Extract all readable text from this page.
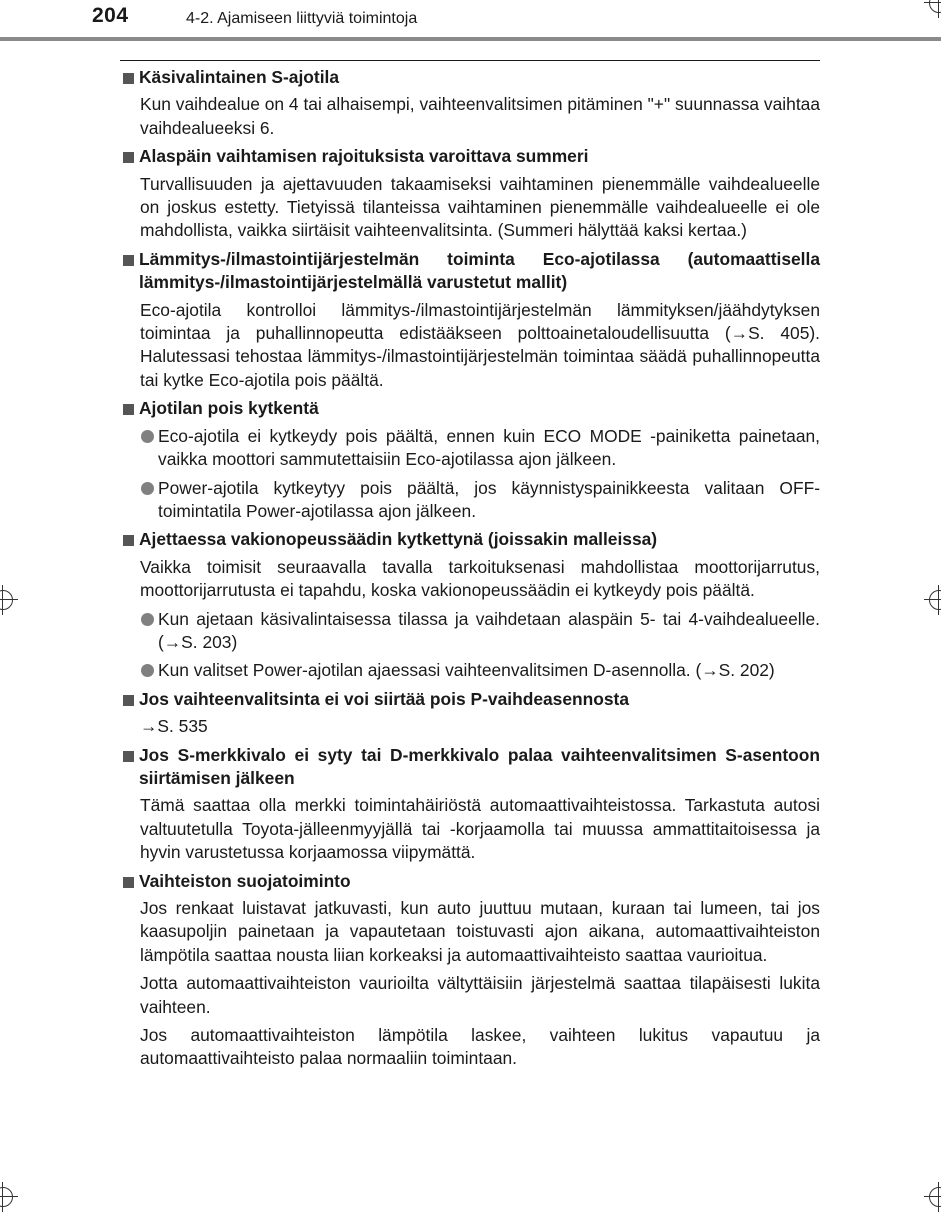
204	4-2. Ajamiseen liittyviä toimintoja
Käsivalintainen S-ajotila
Kun vaihdealue on 4 tai alhaisempi, vaihteenvalitsimen pitäminen "+" suunnassa vaihtaa vaihdealueeksi 6.
Alaspäin vaihtamisen rajoituksista varoittava summeri
Turvallisuuden ja ajettavuuden takaamiseksi vaihtaminen pienemmälle vaihdealueelle on joskus estetty. Tietyissä tilanteissa vaihtaminen pienemmälle vaihdealueelle ei ole mahdollista, vaikka siirtäisit vaihteenvalitsinta. (Summeri hälyttää kaksi kertaa.)
Lämmitys-/ilmastointijärjestelmän toiminta Eco-ajotilassa (automaattisella lämmitys-/ilmastointijärjestelmällä varustetut mallit)
Eco-ajotila kontrolloi lämmitys-/ilmastointijärjestelmän lämmityksen/jäähdytyksen toimintaa ja puhallinnopeutta edistääkseen polttoainetaloudellisuutta (→S. 405). Halutessasi tehostaa lämmitys-/ilmastointijärjestelmän toimintaa säädä puhallinnopeutta tai kytke Eco-ajotila pois päältä.
Ajotilan pois kytkentä
Eco-ajotila ei kytkeydy pois päältä, ennen kuin ECO MODE -painiketta painetaan, vaikka moottori sammutettaisiin Eco-ajotilassa ajon jälkeen.
Power-ajotila kytkeytyy pois päältä, jos käynnistyspainikkeesta valitaan OFF-toimintatila Power-ajotilassa ajon jälkeen.
Ajettaessa vakionopeussäädin kytkettynä (joissakin malleissa)
Vaikka toimisit seuraavalla tavalla tarkoituksenasi mahdollistaa moottorijarrutus, moottorijarrutusta ei tapahdu, koska vakionopeussäädin ei kytkeydy pois päältä.
Kun ajetaan käsivalintaisessa tilassa ja vaihdetaan alaspäin 5- tai 4-vaihdealueelle. (→S. 203)
Kun valitset Power-ajotilan ajaessasi vaihteenvalitsimen D-asennolla. (→S. 202)
Jos vaihteenvalitsinta ei voi siirtää pois P-vaihdeasennosta
→S. 535
Jos S-merkkivalo ei syty tai D-merkkivalo palaa vaihteenvalitsimen S-asentoon siirtämisen jälkeen
Tämä saattaa olla merkki toimintahäiriöstä automaattivaihteistossa. Tarkastuta autosi valtuutetulla Toyota-jälleenmyyjällä tai -korjaamolla tai muussa ammattitaitoisessa ja hyvin varustetussa korjaamossa viipymättä.
Vaihteiston suojatoiminto
Jos renkaat luistavat jatkuvasti, kun auto juuttuu mutaan, kuraan tai lumeen, tai jos kaasupoljin painetaan ja vapautetaan toistuvasti ajon aikana, automaattivaihteiston lämpötila saattaa nousta liian korkeaksi ja automaattivaihteisto saattaa vaurioitua.
Jotta automaattivaihteiston vaurioilta vältyttäisiin järjestelmä saattaa tilapäisesti lukita vaihteen.
Jos automaattivaihteiston lämpötila laskee, vaihteen lukitus vapautuu ja automaattivaihteisto palaa normaaliin toimintaan.
